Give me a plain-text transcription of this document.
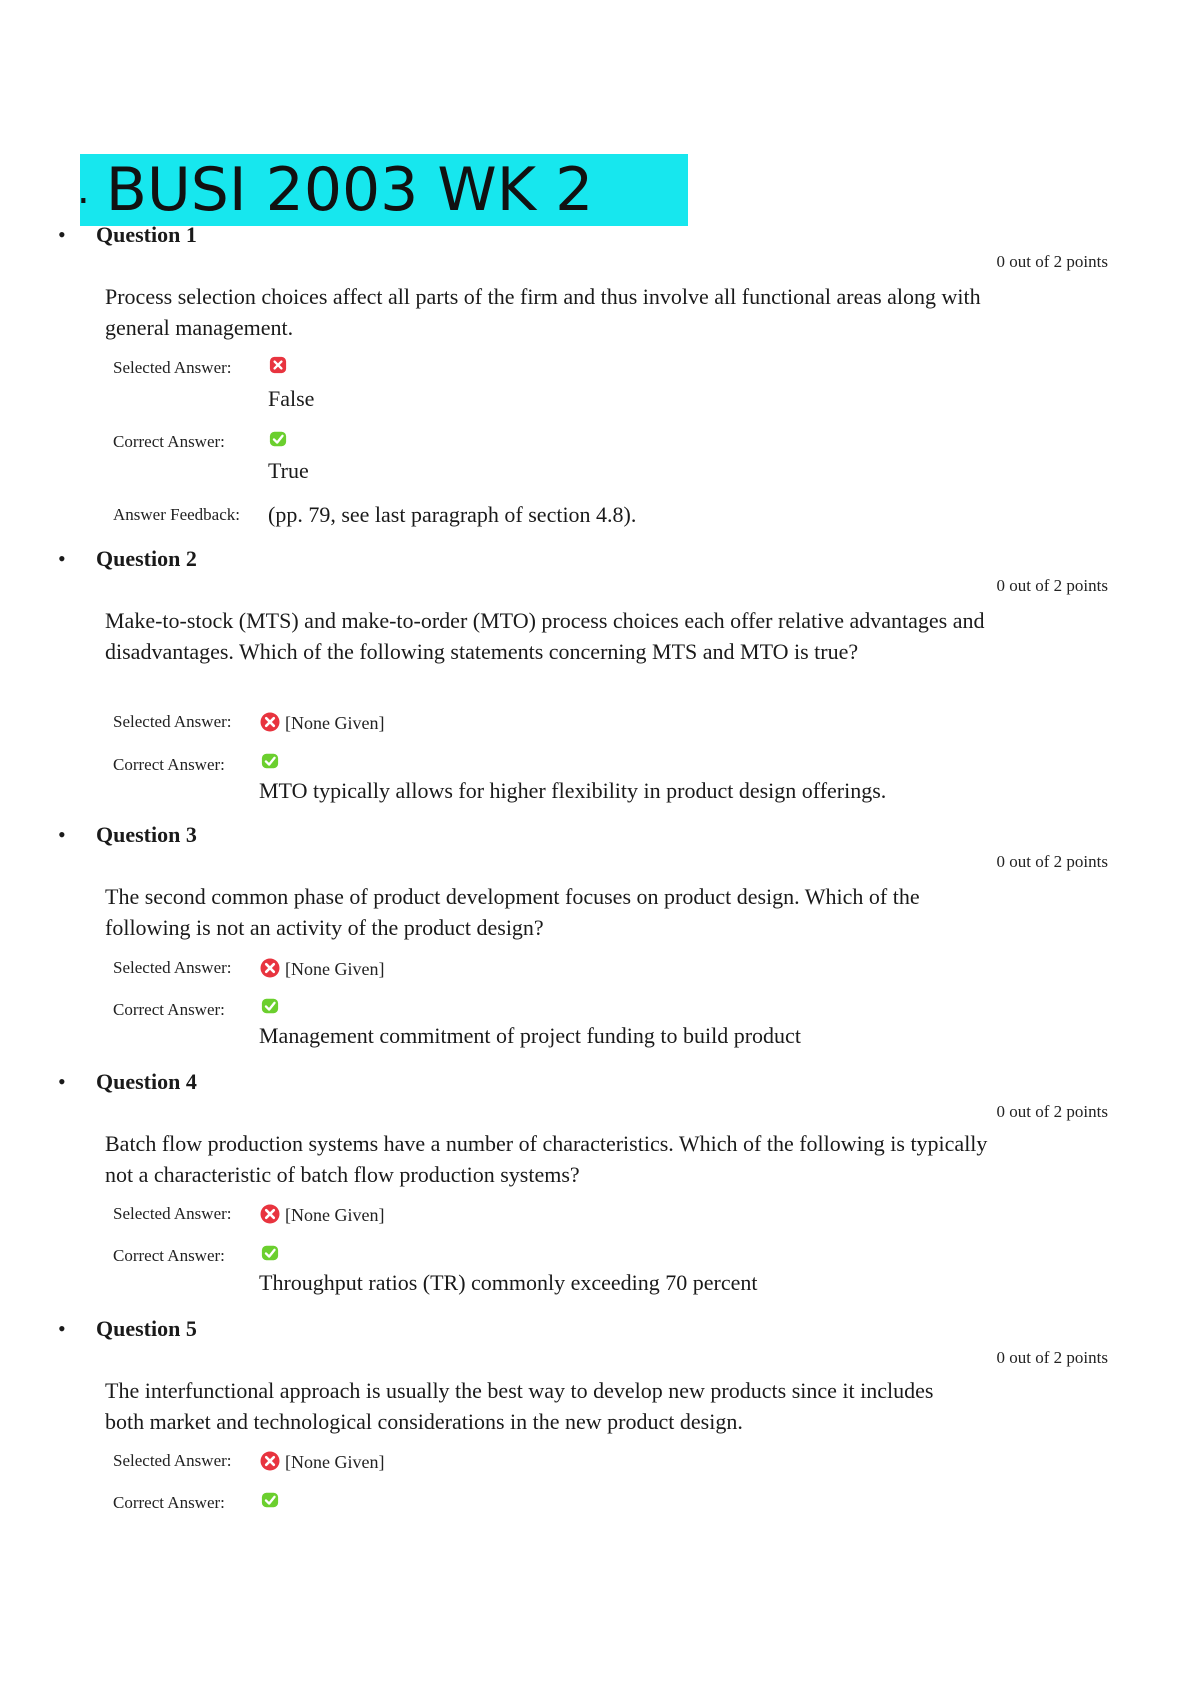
. BUSI 2003 WK 2
• Question 1
0 out of 2 points
Process selection choices affect all parts of the firm and thus involve all functional areas along with general management.
Selected Answer:
False
Correct Answer:
True
Answer Feedback: (pp. 79, see last paragraph of section 4.8).
• Question 2
0 out of 2 points
Make-to-stock (MTS) and make-to-order (MTO) process choices each offer relative advantages and disadvantages. Which of the following statements concerning MTS and MTO is true?
Selected Answer:	[None Given]
Correct Answer:
MTO typically allows for higher flexibility in product design offerings.
• Question 3
0 out of 2 points
The second common phase of product development focuses on product design. Which of the following is not an activity of the product design?
Selected Answer:	[None Given]
Correct Answer:
Management commitment of project funding to build product
• Question 4
0 out of 2 points
Batch flow production systems have a number of characteristics. Which of the following is typically not a characteristic of batch flow production systems?
Selected Answer:	[None Given]
Correct Answer:
Throughput ratios (TR) commonly exceeding 70 percent
• Question 5
0 out of 2 points
The interfunctional approach is usually the best way to develop new products since it includes both market and technological considerations in the new product design.
Selected Answer:	[None Given]
Correct Answer:
